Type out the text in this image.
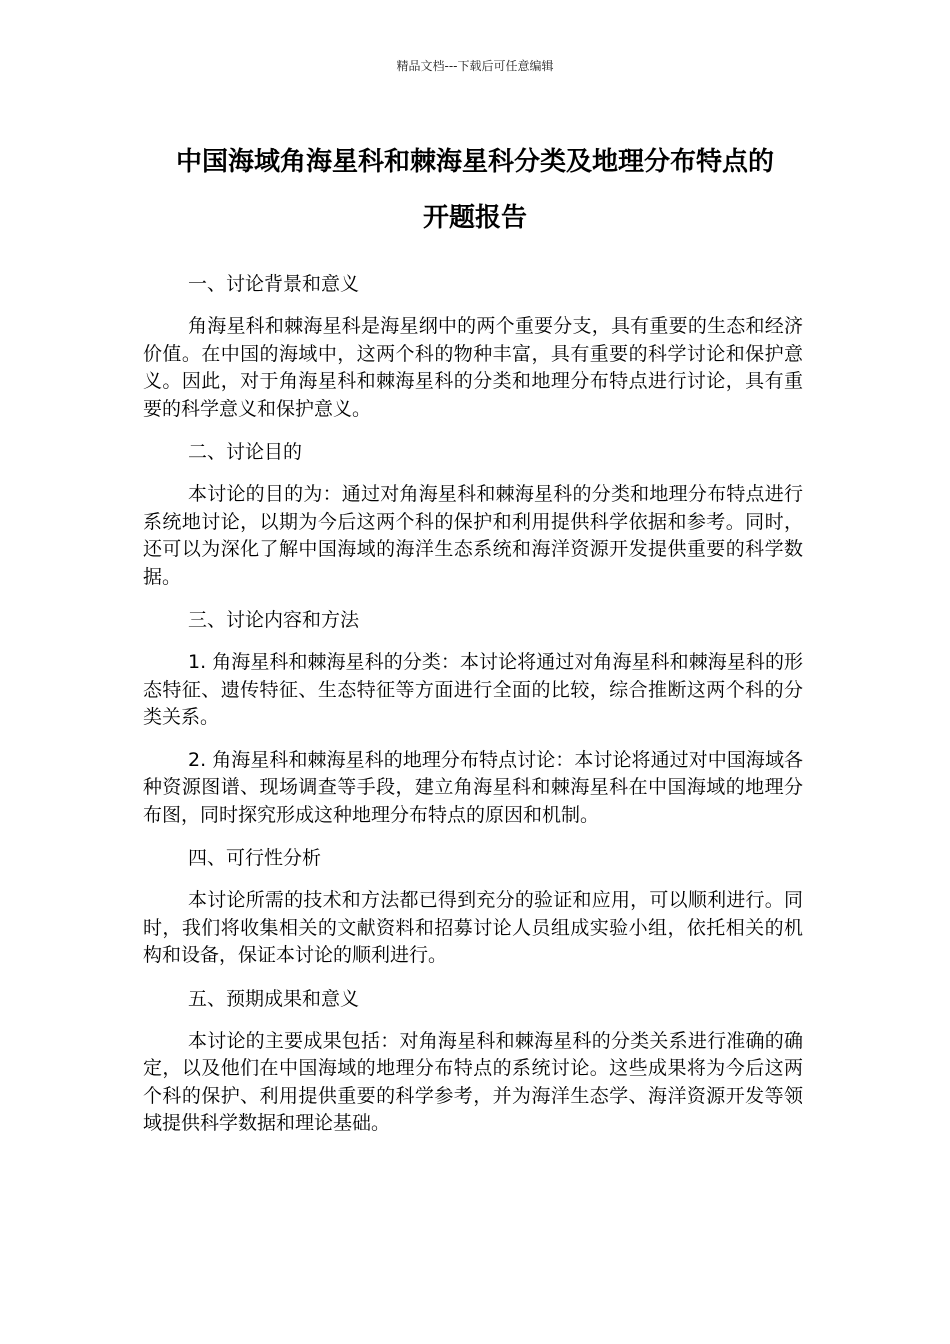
精品文档---下载后可任意编辑
中国海域角海星科和棘海星科分类及地理分布特点的
开题报告

一、讨论背景和意义

角海星科和棘海星科是海星纲中的两个重要分支，具有重要的生态和经济价值。在中国的海域中，这两个科的物种丰富，具有重要的科学讨论和保护意义。因此，对于角海星科和棘海星科的分类和地理分布特点进行讨论，具有重要的科学意义和保护意义。

二、讨论目的

本讨论的目的为：通过对角海星科和棘海星科的分类和地理分布特点进行系统地讨论，以期为今后这两个科的保护和利用提供科学依据和参考。同时，还可以为深化了解中国海域的海洋生态系统和海洋资源开发提供重要的科学数据。

三、讨论内容和方法

1. 角海星科和棘海星科的分类：本讨论将通过对角海星科和棘海星科的形态特征、遗传特征、生态特征等方面进行全面的比较，综合推断这两个科的分类关系。

2. 角海星科和棘海星科的地理分布特点讨论：本讨论将通过对中国海域各种资源图谱、现场调查等手段，建立角海星科和棘海星科在中国海域的地理分布图，同时探究形成这种地理分布特点的原因和机制。

四、可行性分析

本讨论所需的技术和方法都已得到充分的验证和应用，可以顺利进行。同时，我们将收集相关的文献资料和招募讨论人员组成实验小组，依托相关的机构和设备，保证本讨论的顺利进行。

五、预期成果和意义

本讨论的主要成果包括：对角海星科和棘海星科的分类关系进行准确的确定，以及他们在中国海域的地理分布特点的系统讨论。这些成果将为今后这两个科的保护、利用提供重要的科学参考，并为海洋生态学、海洋资源开发等领域提供科学数据和理论基础。
